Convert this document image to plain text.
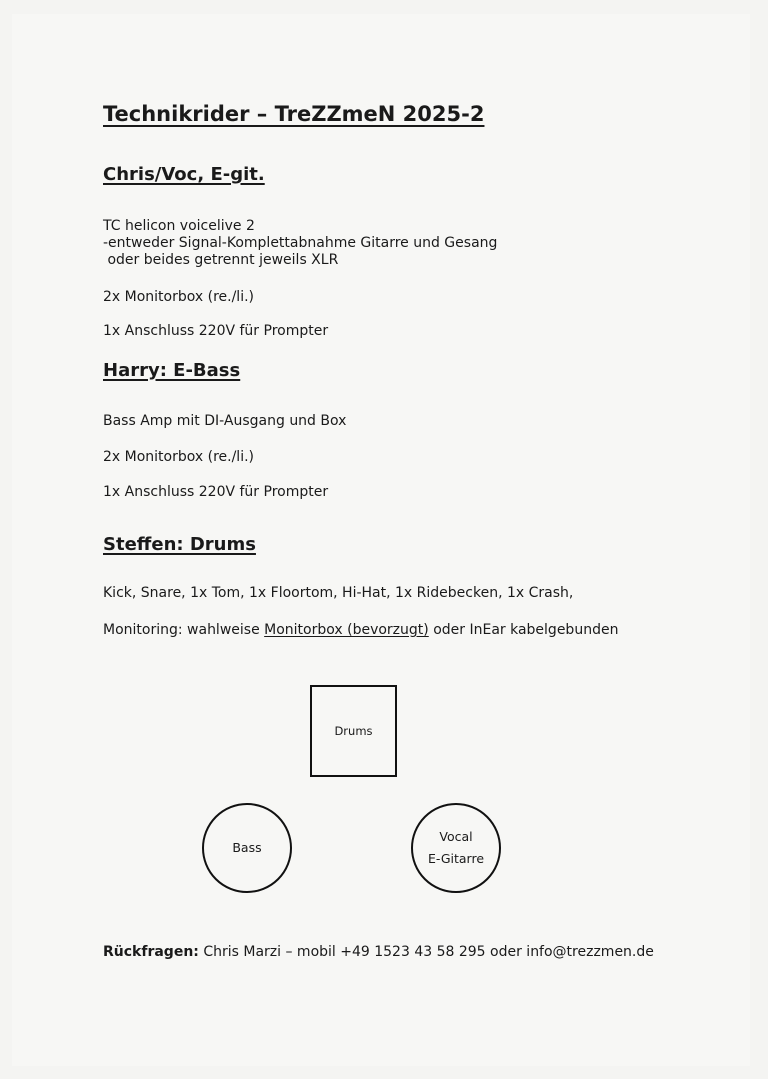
Technikrider – TreZZmeN 2025-2
Chris/Voc, E-git.
TC helicon voicelive 2
-entweder Signal-Komplettabnahme Gitarre und Gesang
oder beides getrennt jeweils XLR
2x Monitorbox (re./li.)
1x Anschluss 220V für Prompter
Harry: E-Bass
Bass Amp mit DI-Ausgang und Box
2x Monitorbox (re./li.)
1x Anschluss 220V für Prompter
Steffen: Drums
Kick, Snare, 1x Tom, 1x Floortom, Hi-Hat, 1x Ridebecken, 1x Crash,
Monitoring: wahlweise Monitorbox (bevorzugt) oder InEar kabelgebunden
Drums
Bass
Vocal
E-Gitarre
Rückfragen: Chris Marzi – mobil +49 1523 43 58 295 oder info@trezzmen.de
